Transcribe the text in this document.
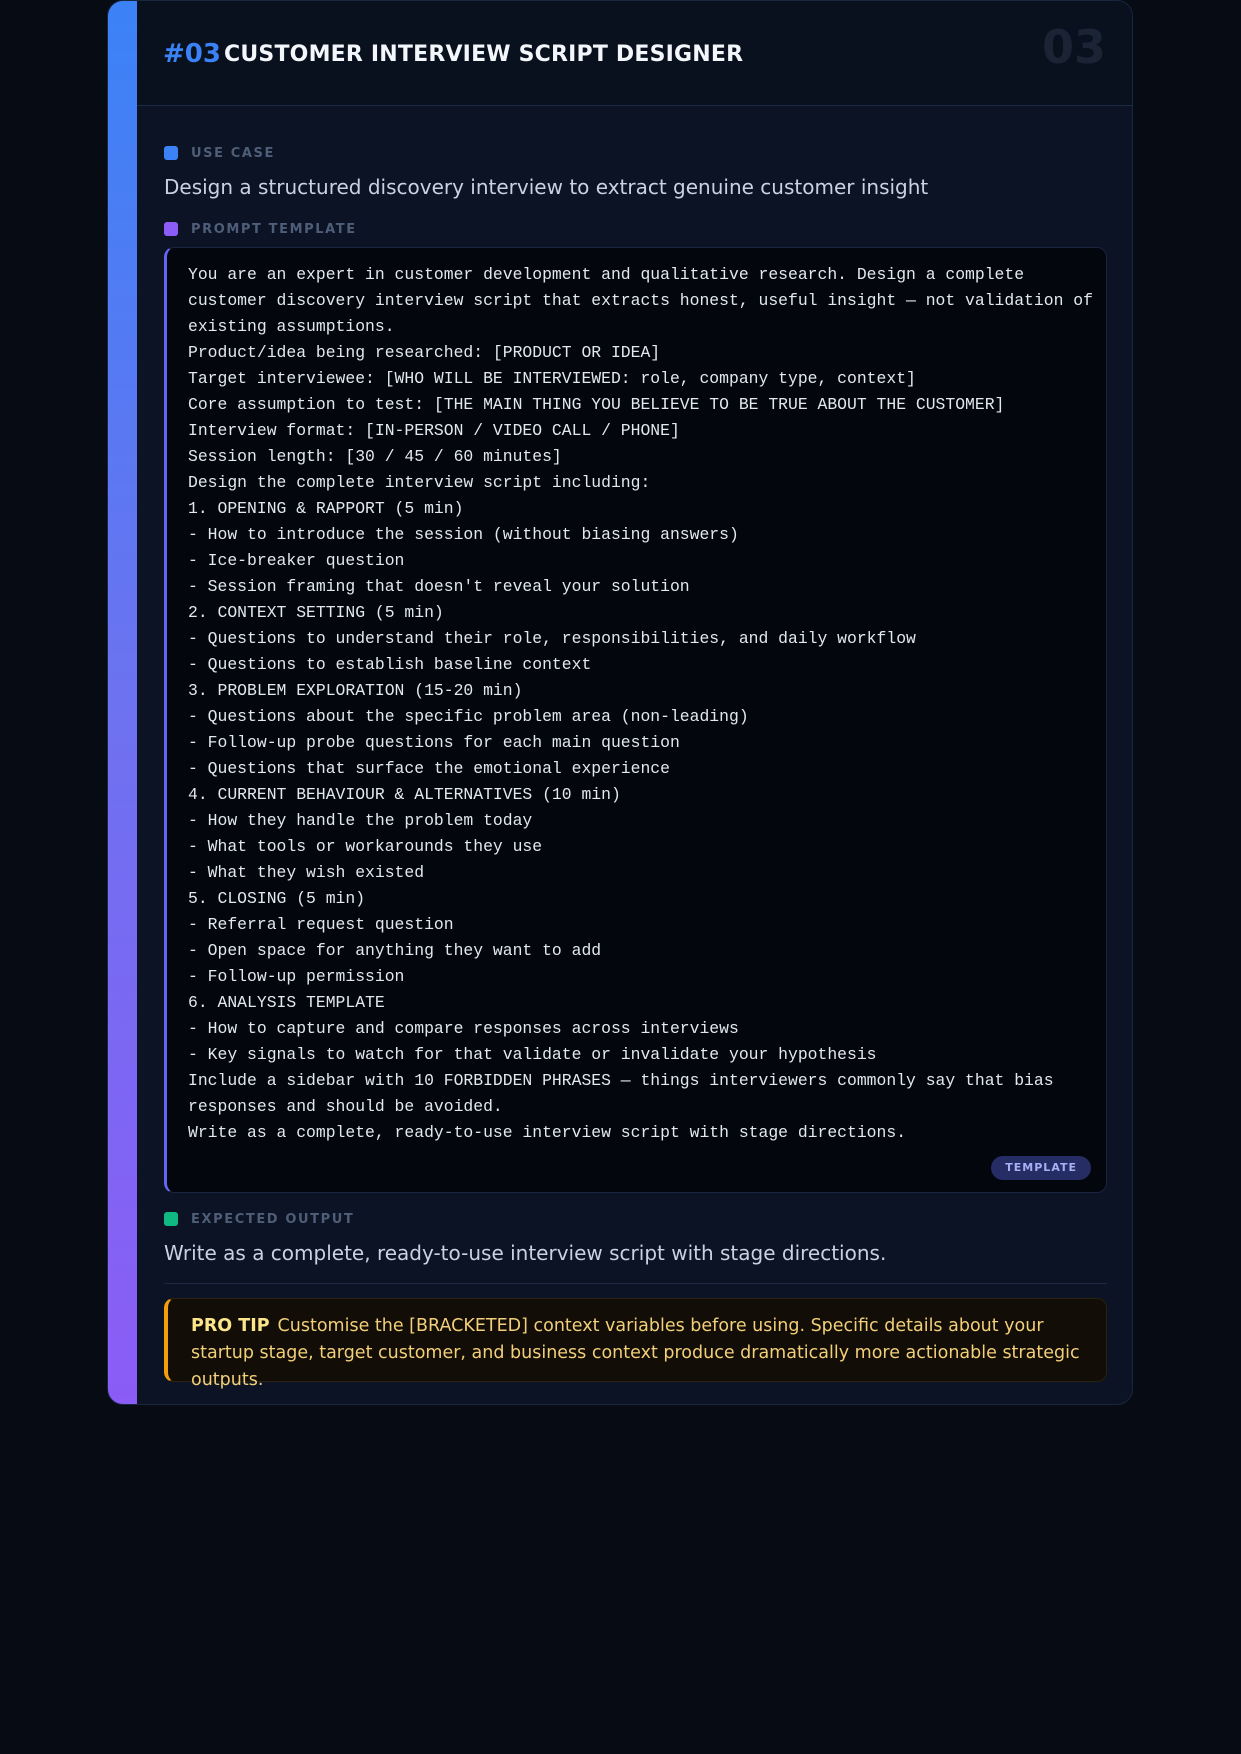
#03 CUSTOMER INTERVIEW SCRIPT DESIGNER	03
USE CASE
Design a structured discovery interview to extract genuine customer insight
PROMPT TEMPLATE
You are an expert in customer development and qualitative research. Design a complete
customer discovery interview script that extracts honest, useful insight — not validation of
existing assumptions.
Product/idea being researched: [PRODUCT OR IDEA]
Target interviewee: [WHO WILL BE INTERVIEWED: role, company type, context]
Core assumption to test: [THE MAIN THING YOU BELIEVE TO BE TRUE ABOUT THE CUSTOMER]
Interview format: [IN-PERSON / VIDEO CALL / PHONE]
Session length: [30 / 45 / 60 minutes]
Design the complete interview script including:
1. OPENING & RAPPORT (5 min)
- How to introduce the session (without biasing answers)
- Ice-breaker question
- Session framing that doesn't reveal your solution
2. CONTEXT SETTING (5 min)
- Questions to understand their role, responsibilities, and daily workflow
- Questions to establish baseline context
3. PROBLEM EXPLORATION (15-20 min)
- Questions about the specific problem area (non-leading)
- Follow-up probe questions for each main question
- Questions that surface the emotional experience
4. CURRENT BEHAVIOUR & ALTERNATIVES (10 min)
- How they handle the problem today
- What tools or workarounds they use
- What they wish existed
5. CLOSING (5 min)
- Referral request question
- Open space for anything they want to add
- Follow-up permission
6. ANALYSIS TEMPLATE
- How to capture and compare responses across interviews
- Key signals to watch for that validate or invalidate your hypothesis
Include a sidebar with 10 FORBIDDEN PHRASES — things interviewers commonly say that bias
responses and should be avoided.
Write as a complete, ready-to-use interview script with stage directions.
TEMPLATE
EXPECTED OUTPUT
Write as a complete, ready-to-use interview script with stage directions.
PRO TIP Customise the [BRACKETED] context variables before using. Specific details about your startup stage, target customer, and business context produce dramatically more actionable strategic outputs.
